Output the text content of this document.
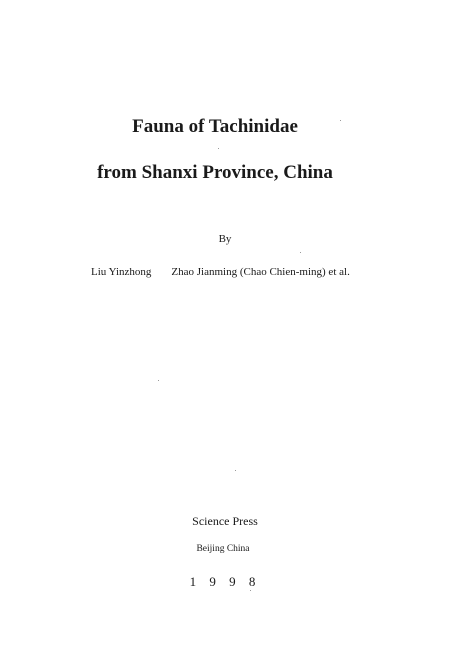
Fauna of Tachinidae
from Shanxi Province, China
By
Liu Yinzhong Zhao Jianming (Chao Chien-ming) et al.
Science Press
Beijing China
1 9 9 8
